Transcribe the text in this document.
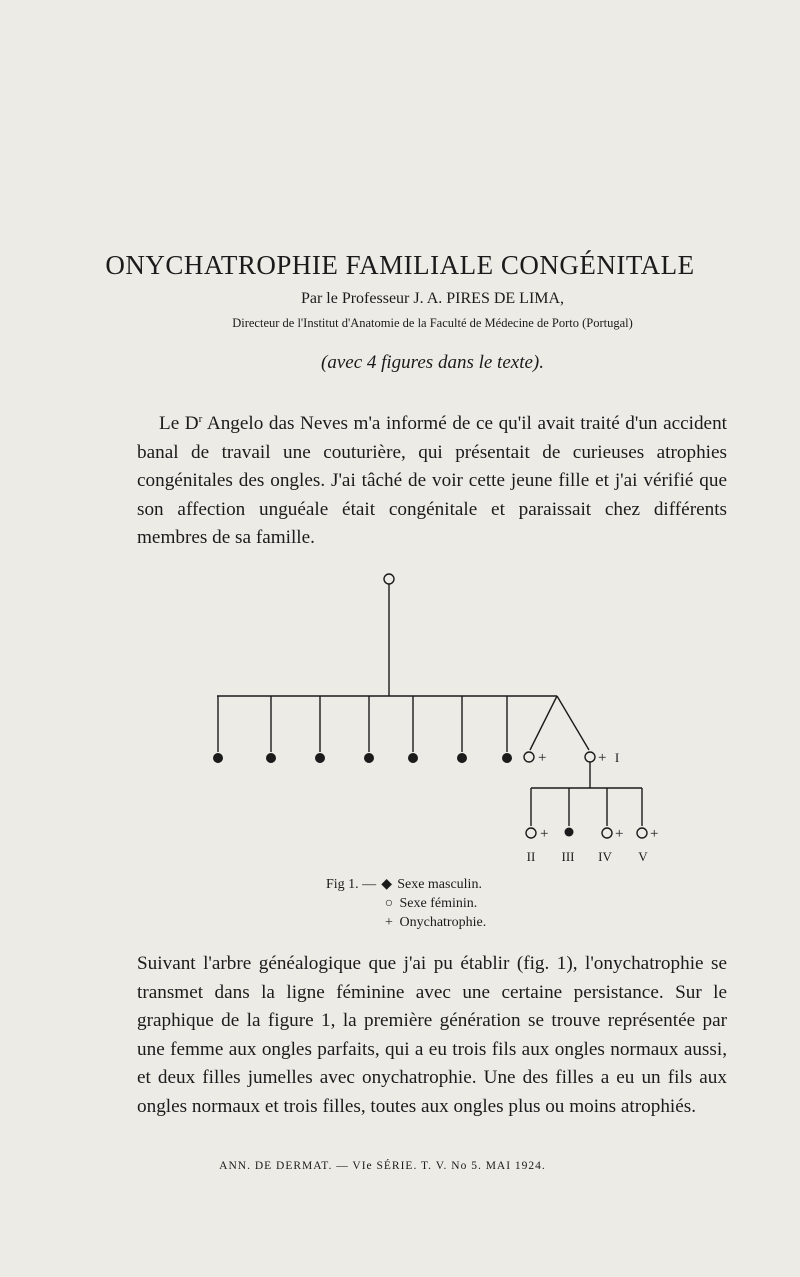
ONYCHATROPHIE FAMILIALE CONGÉNITALE
Par le Professeur J. A. PIRES DE LIMA,
Directeur de l'Institut d'Anatomie de la Faculté de Médecine de Porto (Portugal)
(avec 4 figures dans le texte).

Le $D^r$ Angelo das Neves m'a informé de ce qu'il avait traité d'un accident banal de travail une couturière, qui présentait de curieuses atrophies congénitales des ongles. J'ai tâché de voir cette jeune fille et j'ai vérifié que son affection unguéale était congénitale et paraissait chez différents membres de sa famille.

+	+
+	+ +
I
II III IV V
Fig 1. — ◆ Sexe masculin.
○ Sexe féminin.
+ Onychatrophie.

Suivant l'arbre généalogique que j'ai pu établir (fig. 1), l'onychatrophie se transmet dans la ligne féminine avec une certaine persistance. Sur le graphique de la figure 1, la première génération se trouve représentée par une femme aux ongles parfaits, qui a eu trois fils aux ongles normaux aussi, et deux filles jumelles avec onychatrophie. Une des filles a eu un fils aux ongles normaux et trois filles, toutes aux ongles plus ou moins atrophiés.

ANN. DE DERMAT. — VIe SÉRIE. T. V. No 5. MAI 1924.
